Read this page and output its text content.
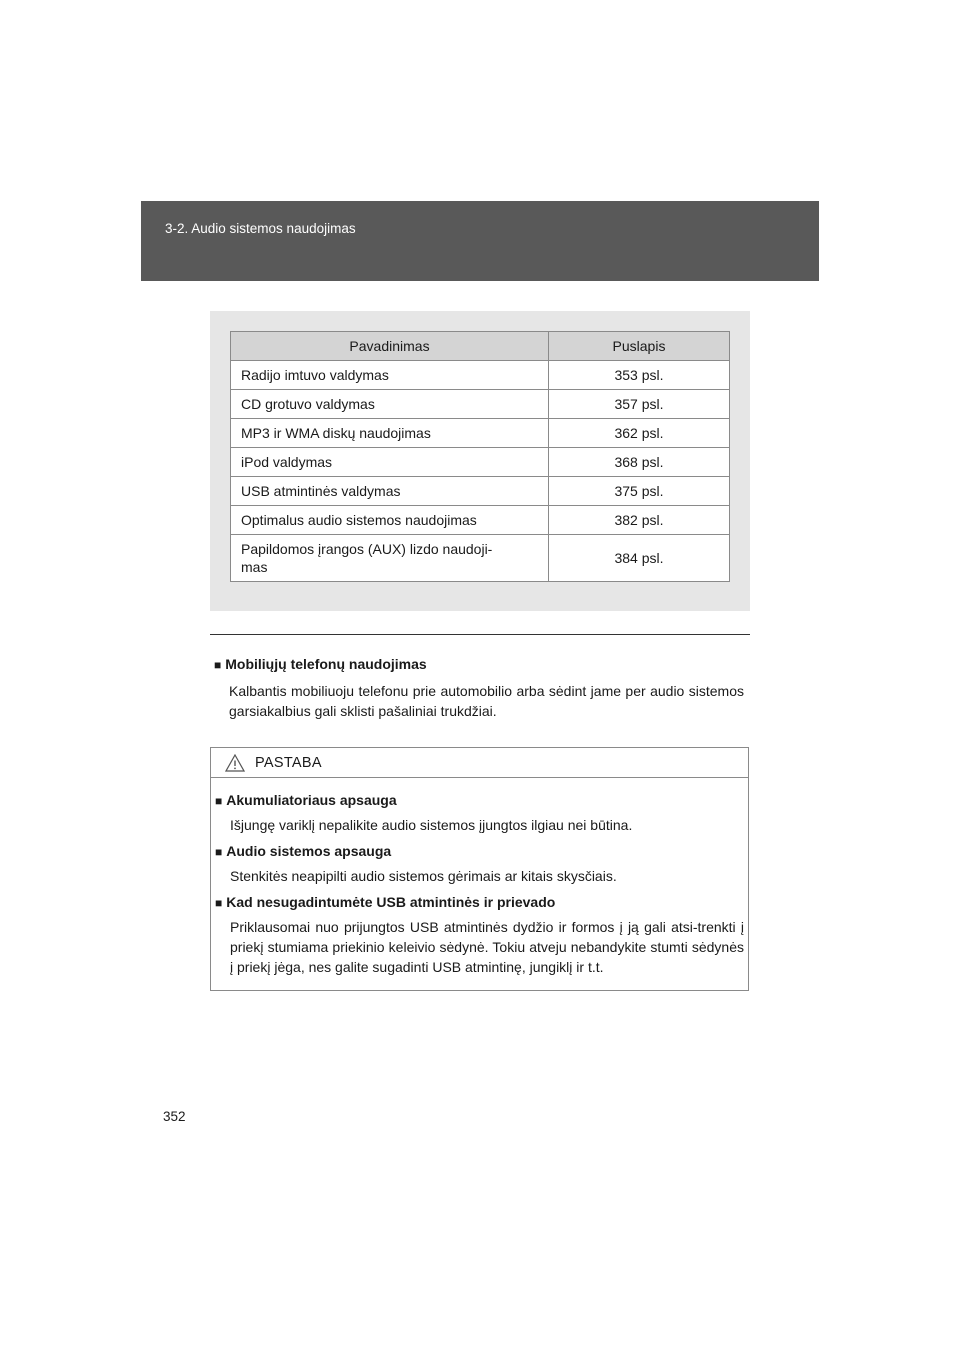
3-2. Audio sistemos naudojimas
Pavadinimas	Puslapis
Radijo imtuvo valdymas	353 psl.
CD grotuvo valdymas	357 psl.
MP3 ir WMA diskų naudojimas	362 psl.
iPod valdymas	368 psl.
USB atmintinės valdymas	375 psl.
Optimalus audio sistemos naudojimas	382 psl.
Papildomos įrangos (AUX) lizdo naudoji-
mas	384 psl.
■ Mobiliųjų telefonų naudojimas
Kalbantis mobiliuoju telefonu prie automobilio arba sėdint jame per audio sistemos garsiakalbius gali sklisti pašaliniai trukdžiai.
PASTABA
■ Akumuliatoriaus apsauga
Išjungę variklį nepalikite audio sistemos įjungtos ilgiau nei būtina.
■ Audio sistemos apsauga
Stenkitės neapipilti audio sistemos gėrimais ar kitais skysčiais.
■ Kad nesugadintumėte USB atmintinės ir prievado
Priklausomai nuo prijungtos USB atmintinės dydžio ir formos į ją gali atsi-trenkti į priekį stumiama priekinio keleivio sėdynė. Tokiu atveju nebandykite stumti sėdynės į priekį jėga, nes galite sugadinti USB atmintinę, jungiklį ir t.t.
352
